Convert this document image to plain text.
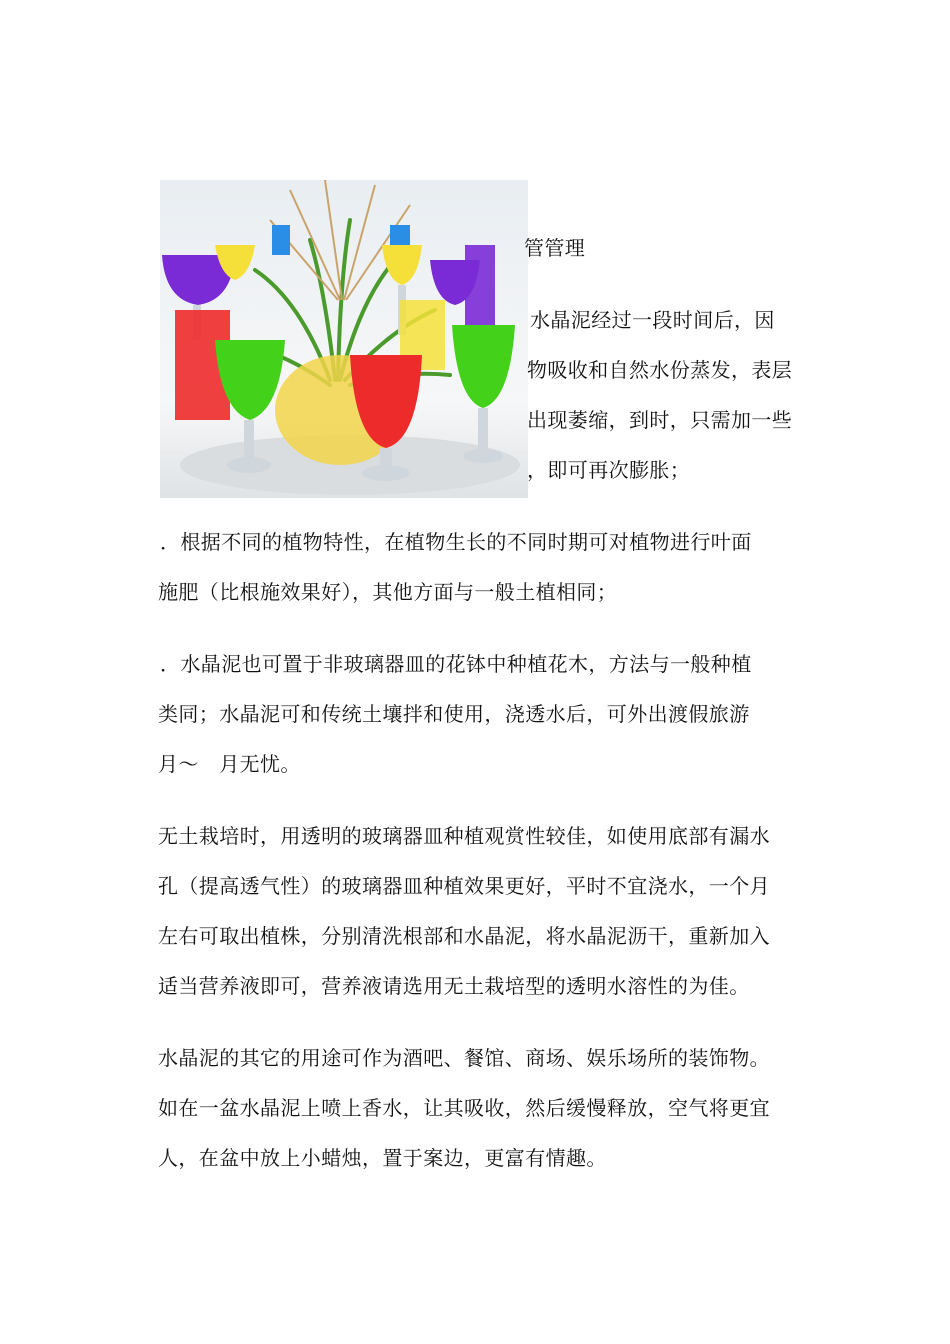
管管理
水晶泥经过一段时间后，因
物吸收和自然水份蒸发，表层
出现萎缩，到时，只需加一些
，即可再次膨胀；
．根据不同的植物特性，在植物生长的不同时期可对植物进行叶面
施肥（比根施效果好），其他方面与一般土植相同；
．水晶泥也可置于非玻璃器皿的花钵中种植花木，方法与一般种植
类同；水晶泥可和传统土壤拌和使用，浇透水后，可外出渡假旅游
月～　月无忧。
无土栽培时，用透明的玻璃器皿种植观赏性较佳，如使用底部有漏水
孔（提高透气性）的玻璃器皿种植效果更好，平时不宜浇水，一个月
左右可取出植株，分别清洗根部和水晶泥，将水晶泥沥干，重新加入
适当营养液即可，营养液请选用无土栽培型的透明水溶性的为佳。
水晶泥的其它的用途可作为酒吧、餐馆、商场、娱乐场所的装饰物。
如在一盆水晶泥上喷上香水，让其吸收，然后缓慢释放，空气将更宜
人，在盆中放上小蜡烛，置于案边，更富有情趣。
